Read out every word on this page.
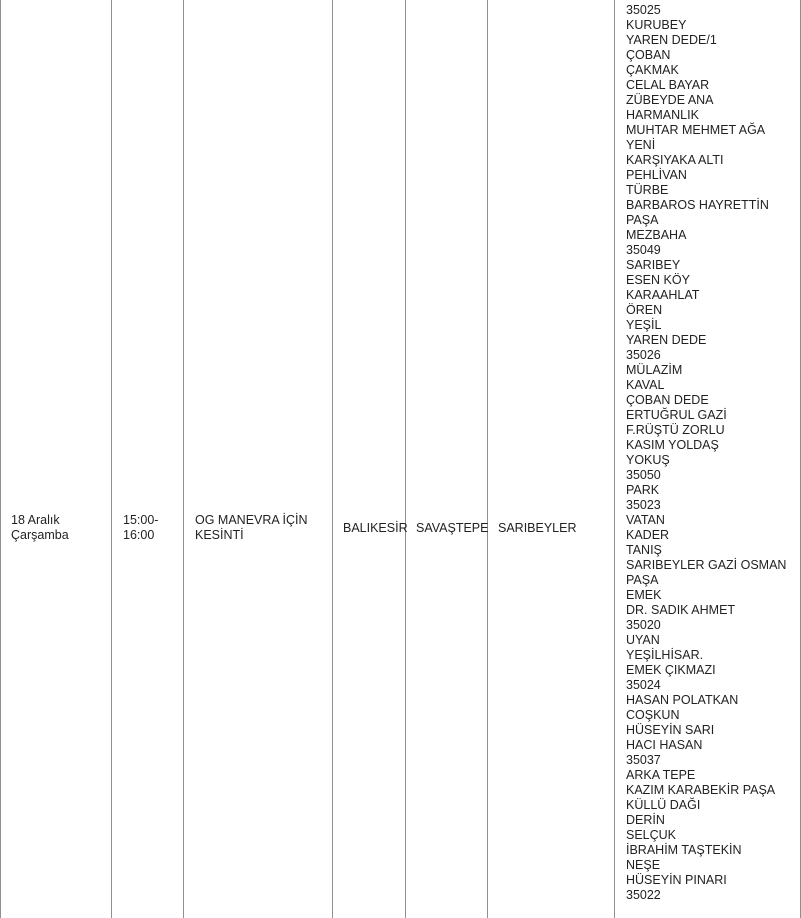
18 Aralık
Çarşamba
15:00-
16:00
OG MANEVRA İÇİN
KESİNTİ	BALIKESİR SAVAŞTEPE SARIBEYLER
35025
KURUBEY
YAREN DEDE/1
ÇOBAN
ÇAKMAK
CELAL BAYAR
ZÜBEYDE ANA
HARMANLIK
MUHTAR MEHMET AĞA
YENİ
KARŞIYAKA ALTI
PEHLİVAN
TÜRBE
BARBAROS HAYRETTİN
PAŞA
MEZBAHA
35049
SARIBEY
ESEN KÖY
KARAAHLAT
ÖREN
YEŞİL
YAREN DEDE
35026
MÜLAZİM
KAVAL
ÇOBAN DEDE
ERTUĞRUL GAZİ
F.RÜŞTÜ ZORLU
KASIM YOLDAŞ
YOKUŞ
35050
PARK
35023
VATAN
KADER
TANIŞ
SARIBEYLER GAZİ OSMAN
PAŞA
EMEK
DR. SADIK AHMET
35020
UYAN
YEŞİLHİSAR.
EMEK ÇIKMAZI
35024
HASAN POLATKAN
COŞKUN
HÜSEYİN SARI
HACI HASAN
35037
ARKA TEPE
KAZIM KARABEKİR PAŞA
KÜLLÜ DAĞI
DERİN
SELÇUK
İBRAHİM TAŞTEKİN
NEŞE
HÜSEYİN PINARI
35022
